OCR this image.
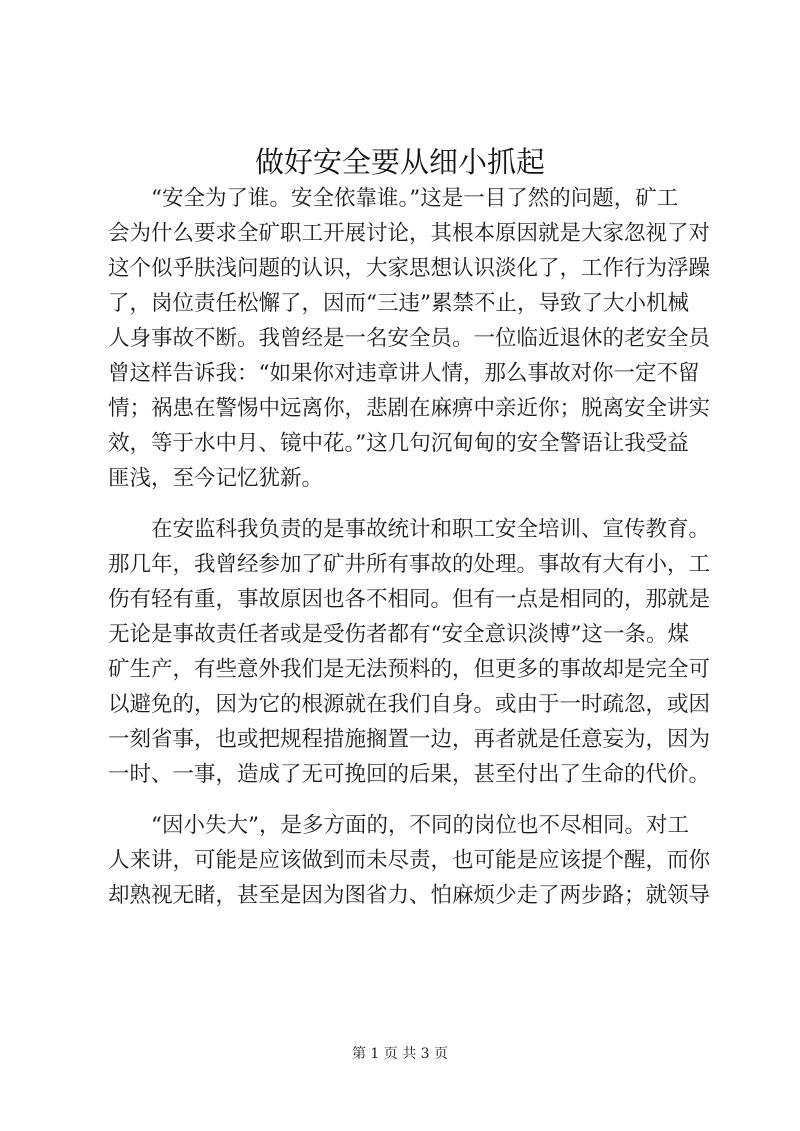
做好安全要从细小抓起
“安全为了谁。安全依靠谁。”这是一目了然的问题，矿工
会为什么要求全矿职工开展讨论，其根本原因就是大家忽视了对
这个似乎肤浅问题的认识，大家思想认识淡化了，工作行为浮躁
了，岗位责任松懈了，因而“三违”累禁不止，导致了大小机械
人身事故不断。我曾经是一名安全员。一位临近退休的老安全员
曾这样告诉我：“如果你对违章讲人情，那么事故对你一定不留
情；祸患在警惕中远离你，悲剧在麻痹中亲近你；脱离安全讲实
效，等于水中月、镜中花。”这几句沉甸甸的安全警语让我受益
匪浅，至今记忆犹新。
在安监科我负责的是事故统计和职工安全培训、宣传教育。
那几年，我曾经参加了矿井所有事故的处理。事故有大有小，工
伤有轻有重，事故原因也各不相同。但有一点是相同的，那就是
无论是事故责任者或是受伤者都有“安全意识淡博”这一条。煤
矿生产，有些意外我们是无法预料的，但更多的事故却是完全可
以避免的，因为它的根源就在我们自身。或由于一时疏忽，或因
一刻省事，也或把规程措施搁置一边，再者就是任意妄为，因为
一时、一事，造成了无可挽回的后果，甚至付出了生命的代价。
“因小失大”，是多方面的，不同的岗位也不尽相同。对工
人来讲，可能是应该做到而未尽责，也可能是应该提个醒，而你
却熟视无睹，甚至是因为图省力、怕麻烦少走了两步路；就领导
第 1 页 共 3 页
